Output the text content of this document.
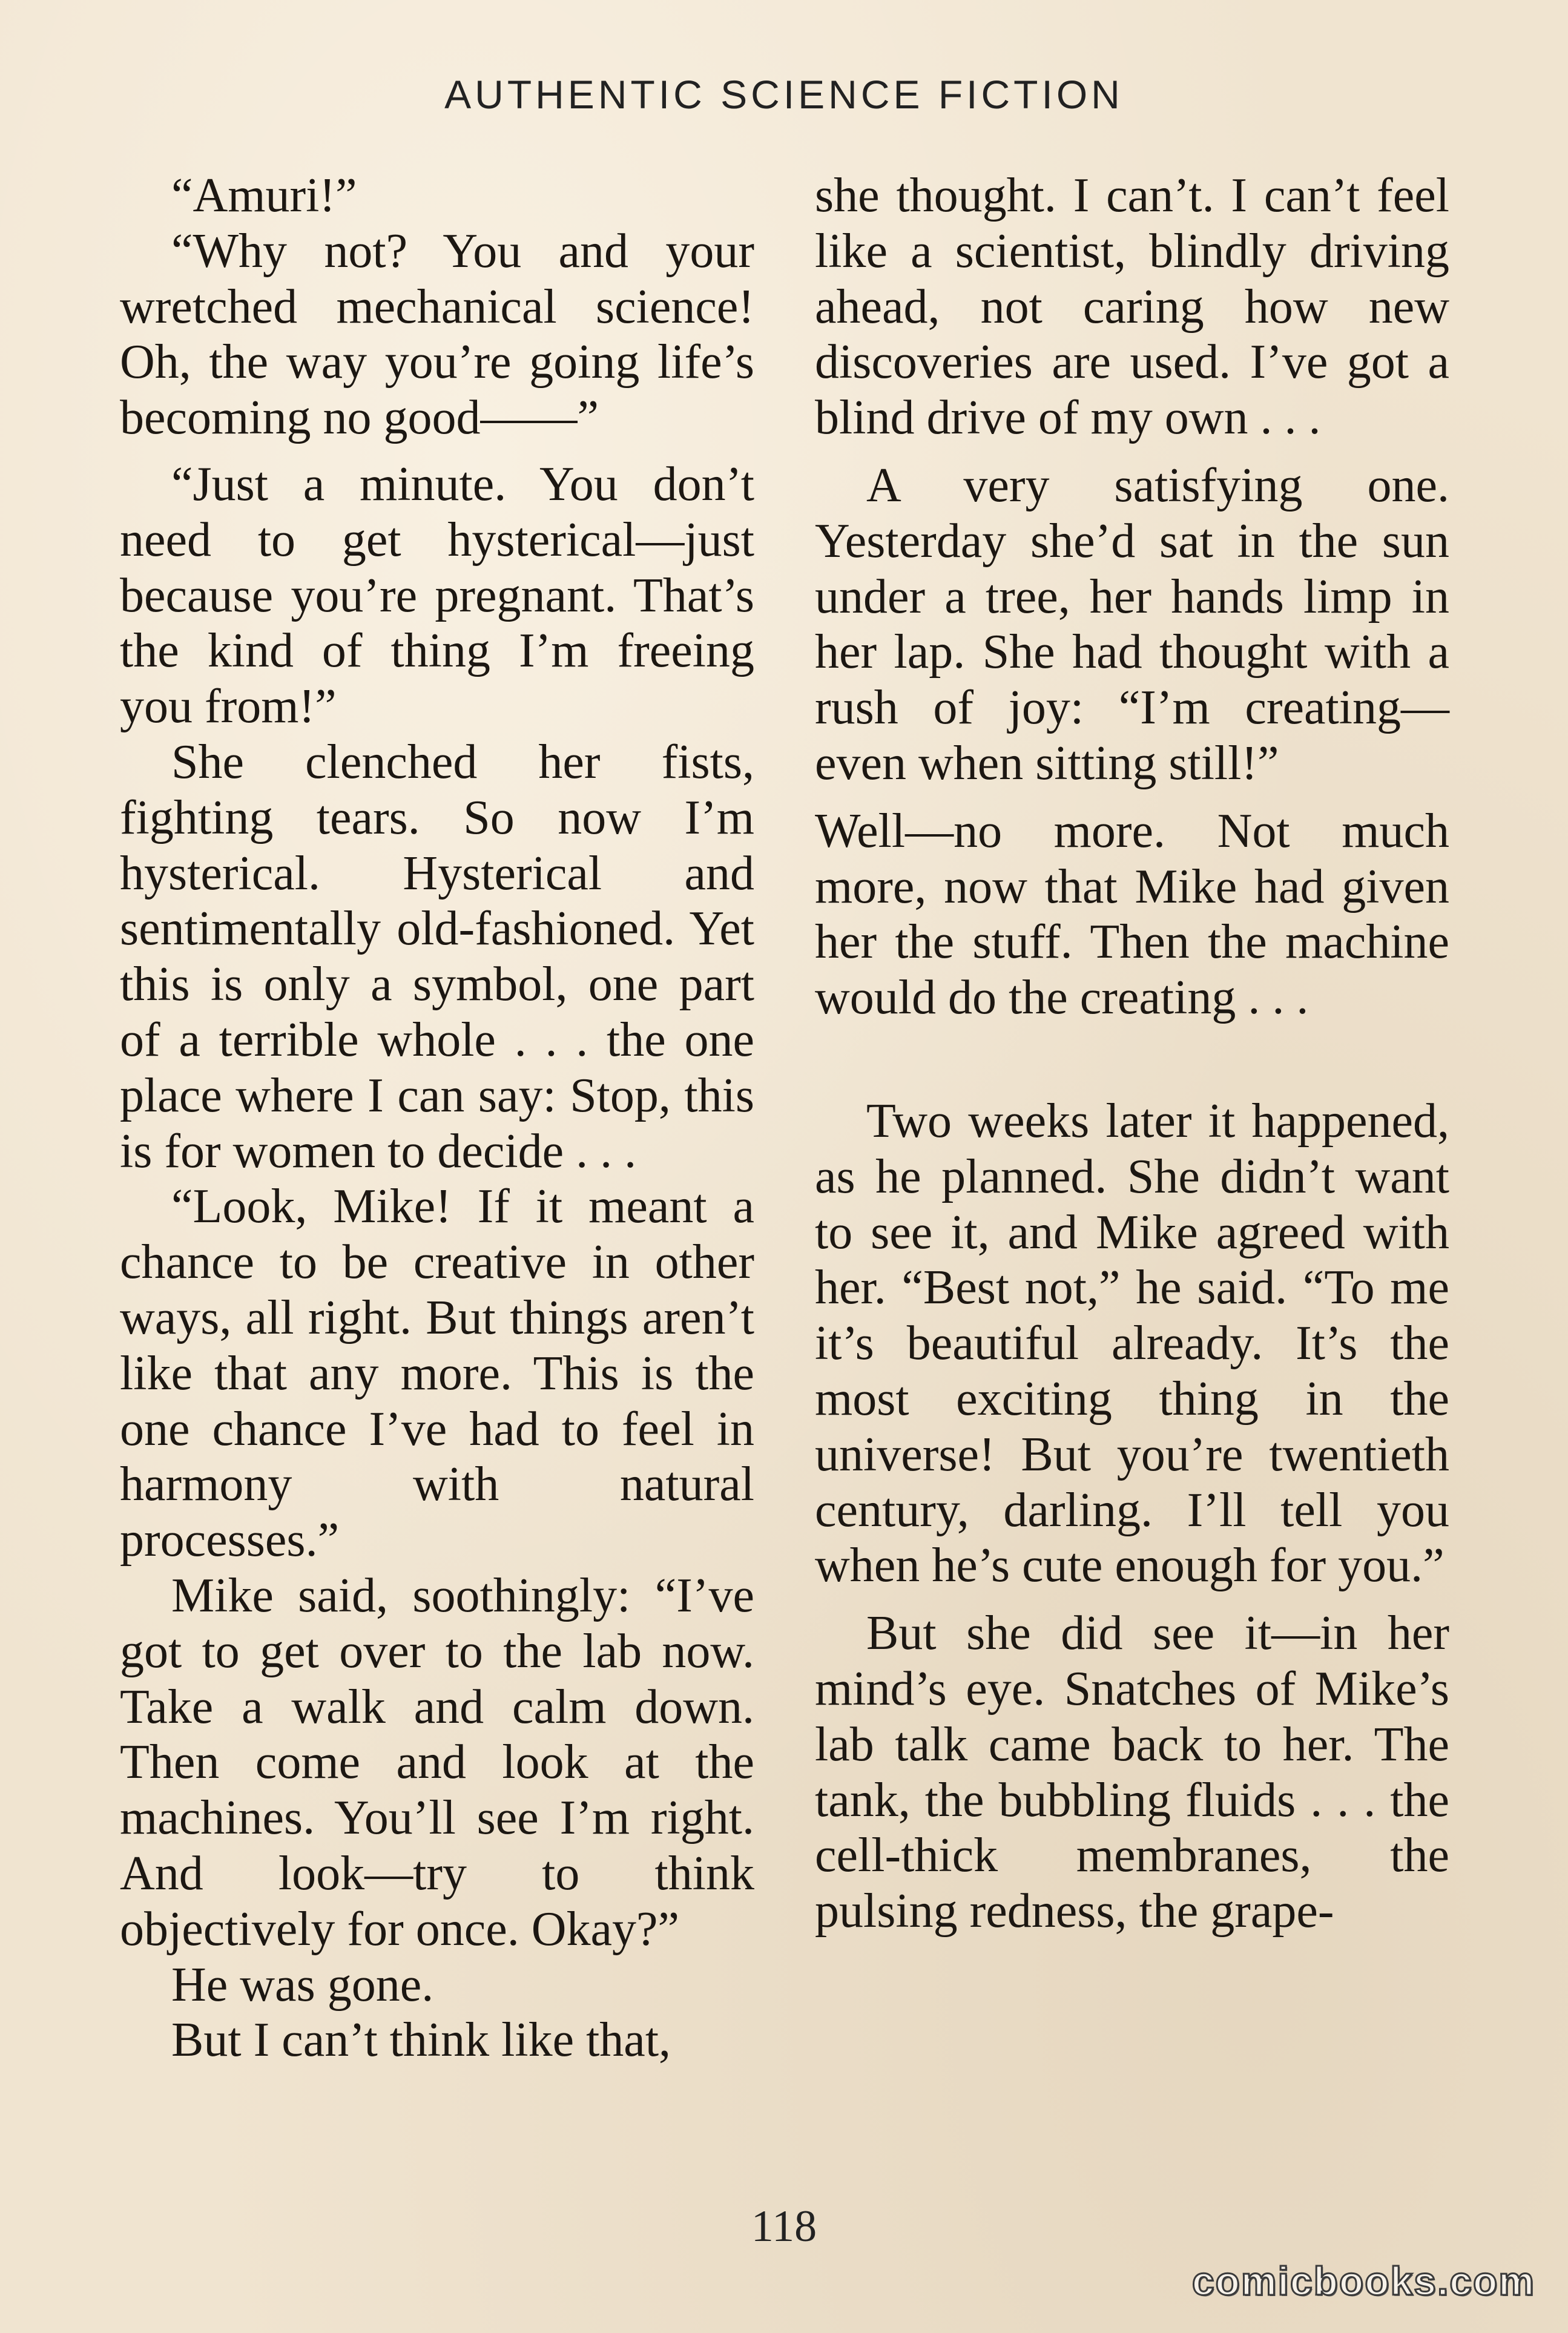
AUTHENTIC SCIENCE FICTION

“Amuri!”

“Why not? You and your wretched mechanical science! Oh, the way you’re going life’s becoming no good——”

“Just a minute. You don’t need to get hysterical—just because you’re pregnant. That’s the kind of thing I’m freeing you from!”

She clenched her fists, fighting tears. So now I’m hysterical. Hysterical and sentimentally old-fashioned. Yet this is only a symbol, one part of a terrible whole . . . the one place where I can say: Stop, this is for women to decide . . .

“Look, Mike! If it meant a chance to be creative in other ways, all right. But things aren’t like that any more. This is the one chance I’ve had to feel in harmony with natural processes.”

Mike said, soothingly: “I’ve got to get over to the lab now. Take a walk and calm down. Then come and look at the machines. You’ll see I’m right. And look—try to think objectively for once. Okay?”

He was gone.

But I can’t think like that,

she thought. I can’t. I can’t feel like a scientist, blindly driving ahead, not caring how new discoveries are used. I’ve got a blind drive of my own . . .

A very satisfying one. Yesterday she’d sat in the sun under a tree, her hands limp in her lap. She had thought with a rush of joy: “I’m creating—even when sitting still!”

Well—no more. Not much more, now that Mike had given her the stuff. Then the machine would do the creating . . .

Two weeks later it happened, as he planned. She didn’t want to see it, and Mike agreed with her. “Best not,” he said. “To me it’s beautiful already. It’s the most exciting thing in the universe! But you’re twentieth century, darling. I’ll tell you when he’s cute enough for you.”

But she did see it—in her mind’s eye. Snatches of Mike’s lab talk came back to her. The tank, the bubbling fluids . . . the cell-thick membranes, the pulsing redness, the grape-

118
comicbooks.com
